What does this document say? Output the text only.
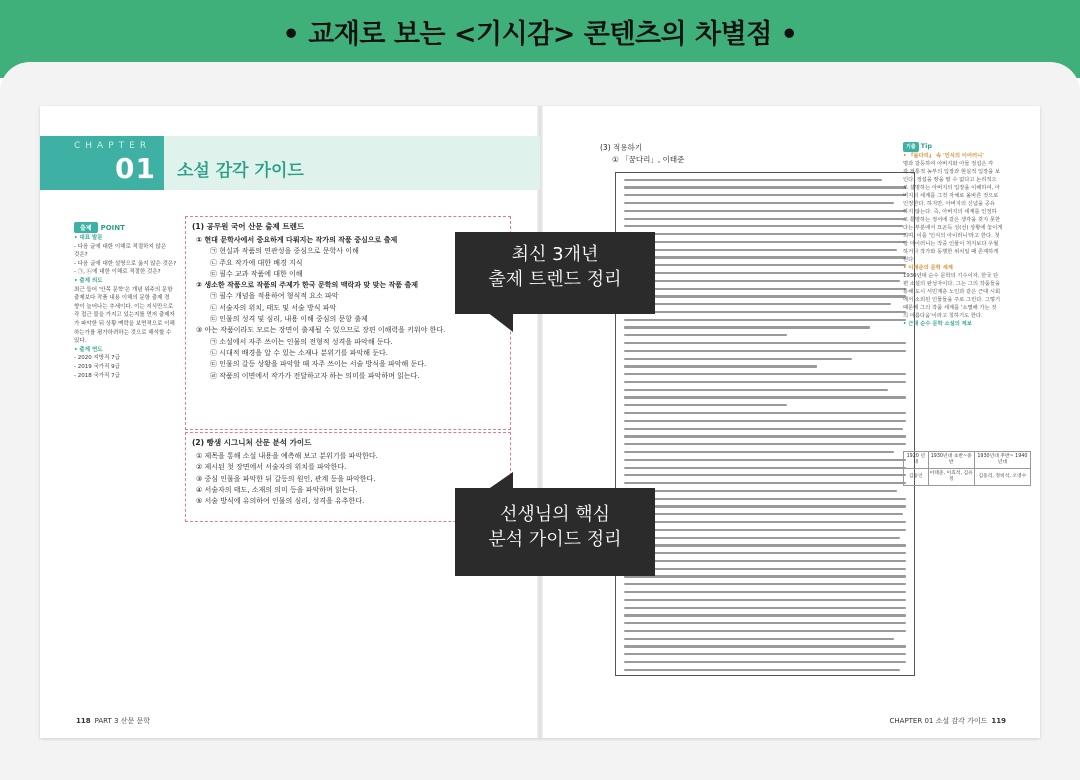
• 교재로 보는 <기시감> 콘텐츠의 차별점 •
CHAPTER
01 소설 감각 가이드
출제 POINT
• 대표 발문
- 다음 글에 대한 이해로 적절하지 않은
것은?
- 다음 글에 대한 설명으로 옳지 않은 것은?
- ㉠, ㉡에 대한 이해로 적절한 것은?
• 출제 의도
최근 들어 '안목 문학'은 개념 위주의 문항
출제보다 작품 내용 이해의 문항 출제 경
향이 늘어나는 추세이다. 이는 지식만으로
각 접근 불을 가지고 있는지를 먼저 출제자
가 파악한 뒤 상황 맥락을 보면적으로 이해
하는가를 평가하려하는 것으로 해석할 수
있다.
• 출제 연도
- 2020 지방직 7급
- 2019 국가직 9급
- 2018 국가직 7급
(1) 공무원 국어 산문 출제 트렌드
① 현대 문학사에서 중요하게 다뤄지는 작가의 작품 중심으로 출제
㉠ 현실과 작품의 연관성을 중심으로 문학사 이해
㉡ 주요 작가에 대한 배경 지식
㉢ 필수 교과 작품에 대한 이해
② 생소한 작품으로 작품의 주제가 한국 문학의 맥락과 맞 맞는 작품 출제
㉠ 필수 개념을 적용하여 형식적 요소 파악
㉡ 서술자의 위치, 태도 및 서술 방식 파악
㉢ 인물의 성격 및 심리, 내용 이해 중심의 문항 출제
③ 아는 작품이라도 모르는 장면이 출제될 수 있으므로 장편 이해력을 키워야 한다.
㉠ 소설에서 자주 쓰이는 인물의 전형적 성격을 파악해 둔다.
㉡ 시대적 배경을 알 수 있는 소재나 분위기를 파악해 둔다.
㉢ 인물의 갈등 상황을 파악할 때 자주 쓰이는 서술 방식을 파악해 둔다.
㉣ 작품의 이면에서 작가가 전달하고자 하는 의미를 파악하며 읽는다.
(2) 빵샘 시그니처 산문 분석 가이드
① 제목을 통해 소설 내용을 예측해 보고 분위기를 파악한다.
② 제시된 첫 장면에서 서술자의 위치를 파악한다.
③ 중심 인물을 파악한 뒤 갈등의 원인, 관계 등을 파악한다.
④ 서술자의 태도, 소재의 의미 등을 파악하며 읽는다.
⑤ 서술 방식에 유의하여 인물의 심리, 성격을 유추한다.
118 PART 3 산문 문학
(3) 적용하기
① 「꿈다리」, 이태준
기출 Tip
• 『돌다리』 속 '인식의 이어러니'
명과 갈등하여 아버지와 아들 정섭은 각
각 전통적 농부의 입장과 현실적 입장을 보
인다. 정섭을 땅을 팔 수 없다고 논리적으
로 설명하는 아버지의 입장을 이해하여, 아
버지의 세계를 그것 자체로 올바른 것으로
인정한다. 하지만, 아버지의 신념을 공유
하지 않는다. 즉, 아버지의 세계를 인정하
고 통명하는 정서에 같은 생각을 갖지 못한
다는 부분에서 묘곤득 성(선) 상황에 놓이게
되며, 이를 '인식의 아이러니'라고 한다. 첫
당 아이러니는 작중 인물이 처지보다 우월
하거나 작가와 동행한 위치일 때 존재하게
된다.
• 이태준의 문학 세계
1930년대 순수 문학의 기수이자, 한국 단
편 소설의 완성자이다. 그는 그의 작품들을
통해 도시 서민계층 노인과 같은 근대 시회
에서 소외된 인물들을 주로 그린다. 그렇기
때문에 그의 작품 세계를 '소멸해 가는 것
의 아름다움'이라고 칭하기도 한다.
• 근대 순수 문학 소설의 계보
1920 년대	1930년대 초반~중반	1930년대 후반~ 1940년대
김동인	이태준, 이효석, 김유정	김동리, 정비석, 오영수
CHAPTER 01 소설 감각 가이드 119
최신 3개년
출제 트렌드 정리
선생님의 핵심
분석 가이드 정리
